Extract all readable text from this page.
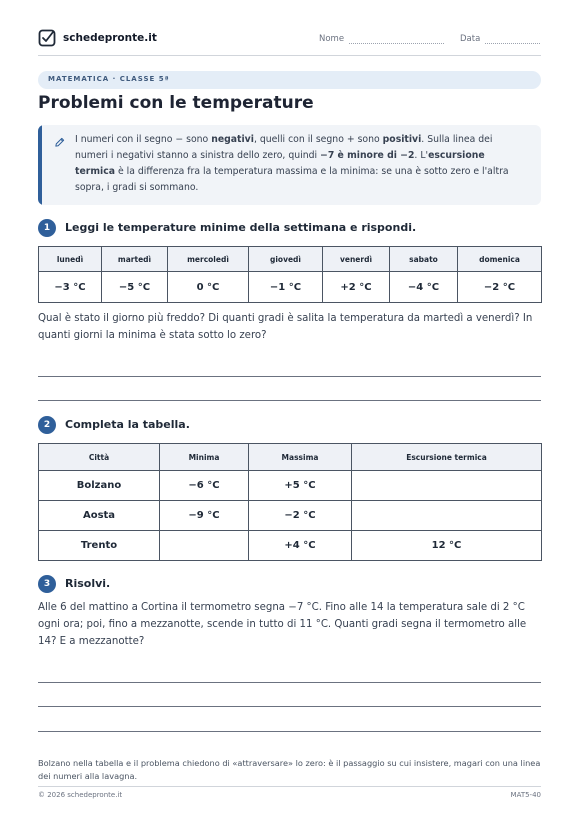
schedepronte.it	Nome	Data
MATEMATICA · CLASSE 5ª
Problemi con le temperature
I numeri con il segno − sono negativi, quelli con il segno + sono positivi. Sulla linea dei numeri i negativi stanno a sinistra dello zero, quindi −7 è minore di −2. L'escursione termica è la differenza fra la temperatura massima e la minima: se una è sotto zero e l'altra sopra, i gradi si sommano.
1	Leggi le temperature minime della settimana e rispondi.
lunedì	martedì	mercoledì	giovedì	venerdì	sabato	domenica
−3 °C	−5 °C	0 °C	−1 °C	+2 °C	−4 °C	−2 °C
Qual è stato il giorno più freddo? Di quanti gradi è salita la temperatura da martedì a venerdì? In quanti giorni la minima è stata sotto lo zero?
2	Completa la tabella.
Città	Minima	Massima	Escursione termica
Bolzano	−6 °C	+5 °C	
Aosta	−9 °C	−2 °C	
Trento		+4 °C	12 °C
3	Risolvi.
Alle 6 del mattino a Cortina il termometro segna −7 °C. Fino alle 14 la temperatura sale di 2 °C ogni ora; poi, fino a mezzanotte, scende in tutto di 11 °C. Quanti gradi segna il termometro alle 14? E a mezzanotte?
Bolzano nella tabella e il problema chiedono di «attraversare» lo zero: è il passaggio su cui insistere, magari con una linea dei numeri alla lavagna.
© 2026 schedepronte.it	MAT5-40
